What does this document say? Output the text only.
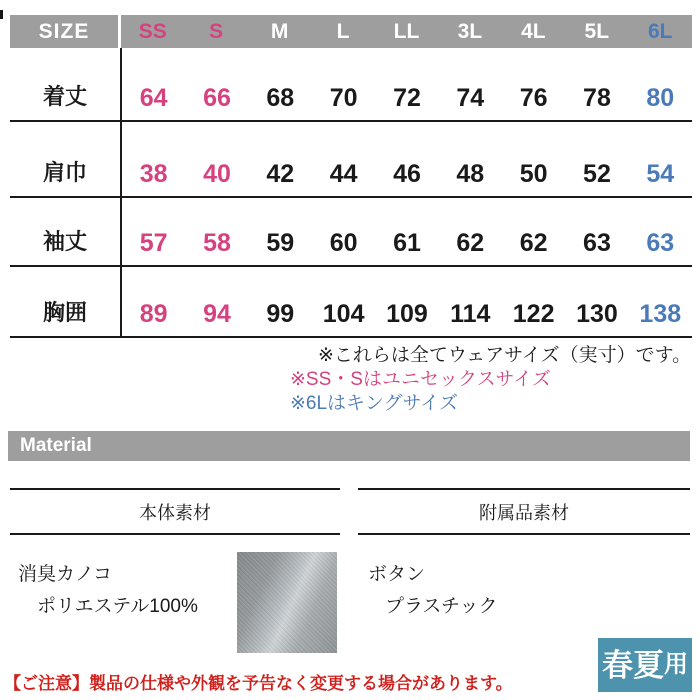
SIZE	SS	S	M	L	LL	3L	4L	5L	6L
着丈	64	66	68	70	72	74	76	78	80
肩巾	38	40	42	44	46	48	50	52	54
袖丈	57	58	59	60	61	62	62	63	63
胸囲	89	94	99	104 109 114 122 130 138
※これらは全てウェアサイズ（実寸）です。
※SS・Sはユニセックスサイズ
※6Lはキングサイズ
Material
本体素材	附属品素材
消臭カノコ
ポリエステル100%
ボタン
プラスチック
春夏 用
【ご注意】製品の仕様や外観を予告なく変更する場合があります。
